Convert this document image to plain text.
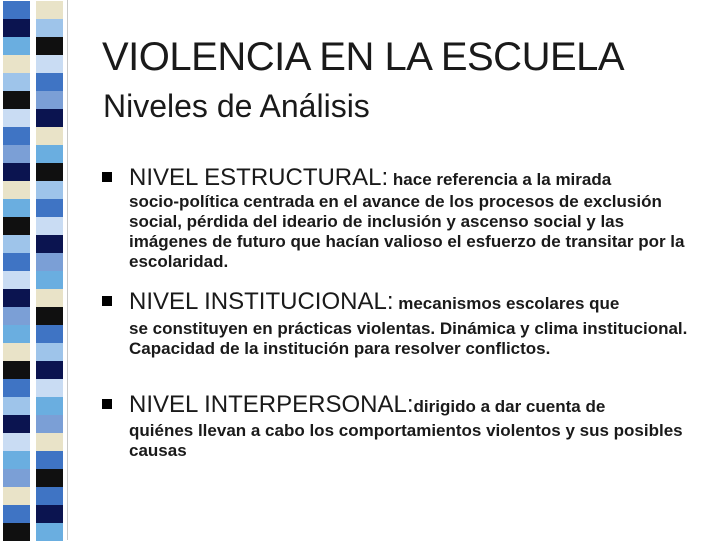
VIOLENCIA EN LA ESCUELA
Niveles de Análisis
NIVEL ESTRUCTURAL: hace referencia a la mirada
socio-política centrada en el avance de los procesos de exclusión social, pérdida del ideario de inclusión y ascenso social y las imágenes de futuro que hacían valioso el esfuerzo de transitar por la escolaridad.
NIVEL INSTITUCIONAL: mecanismos escolares que
se constituyen en prácticas violentas. Dinámica y clima institucional. Capacidad de la institución para resolver conflictos.
NIVEL INTERPERSONAL:dirigido a dar cuenta de
quiénes llevan a cabo los comportamientos violentos y sus posibles causas
